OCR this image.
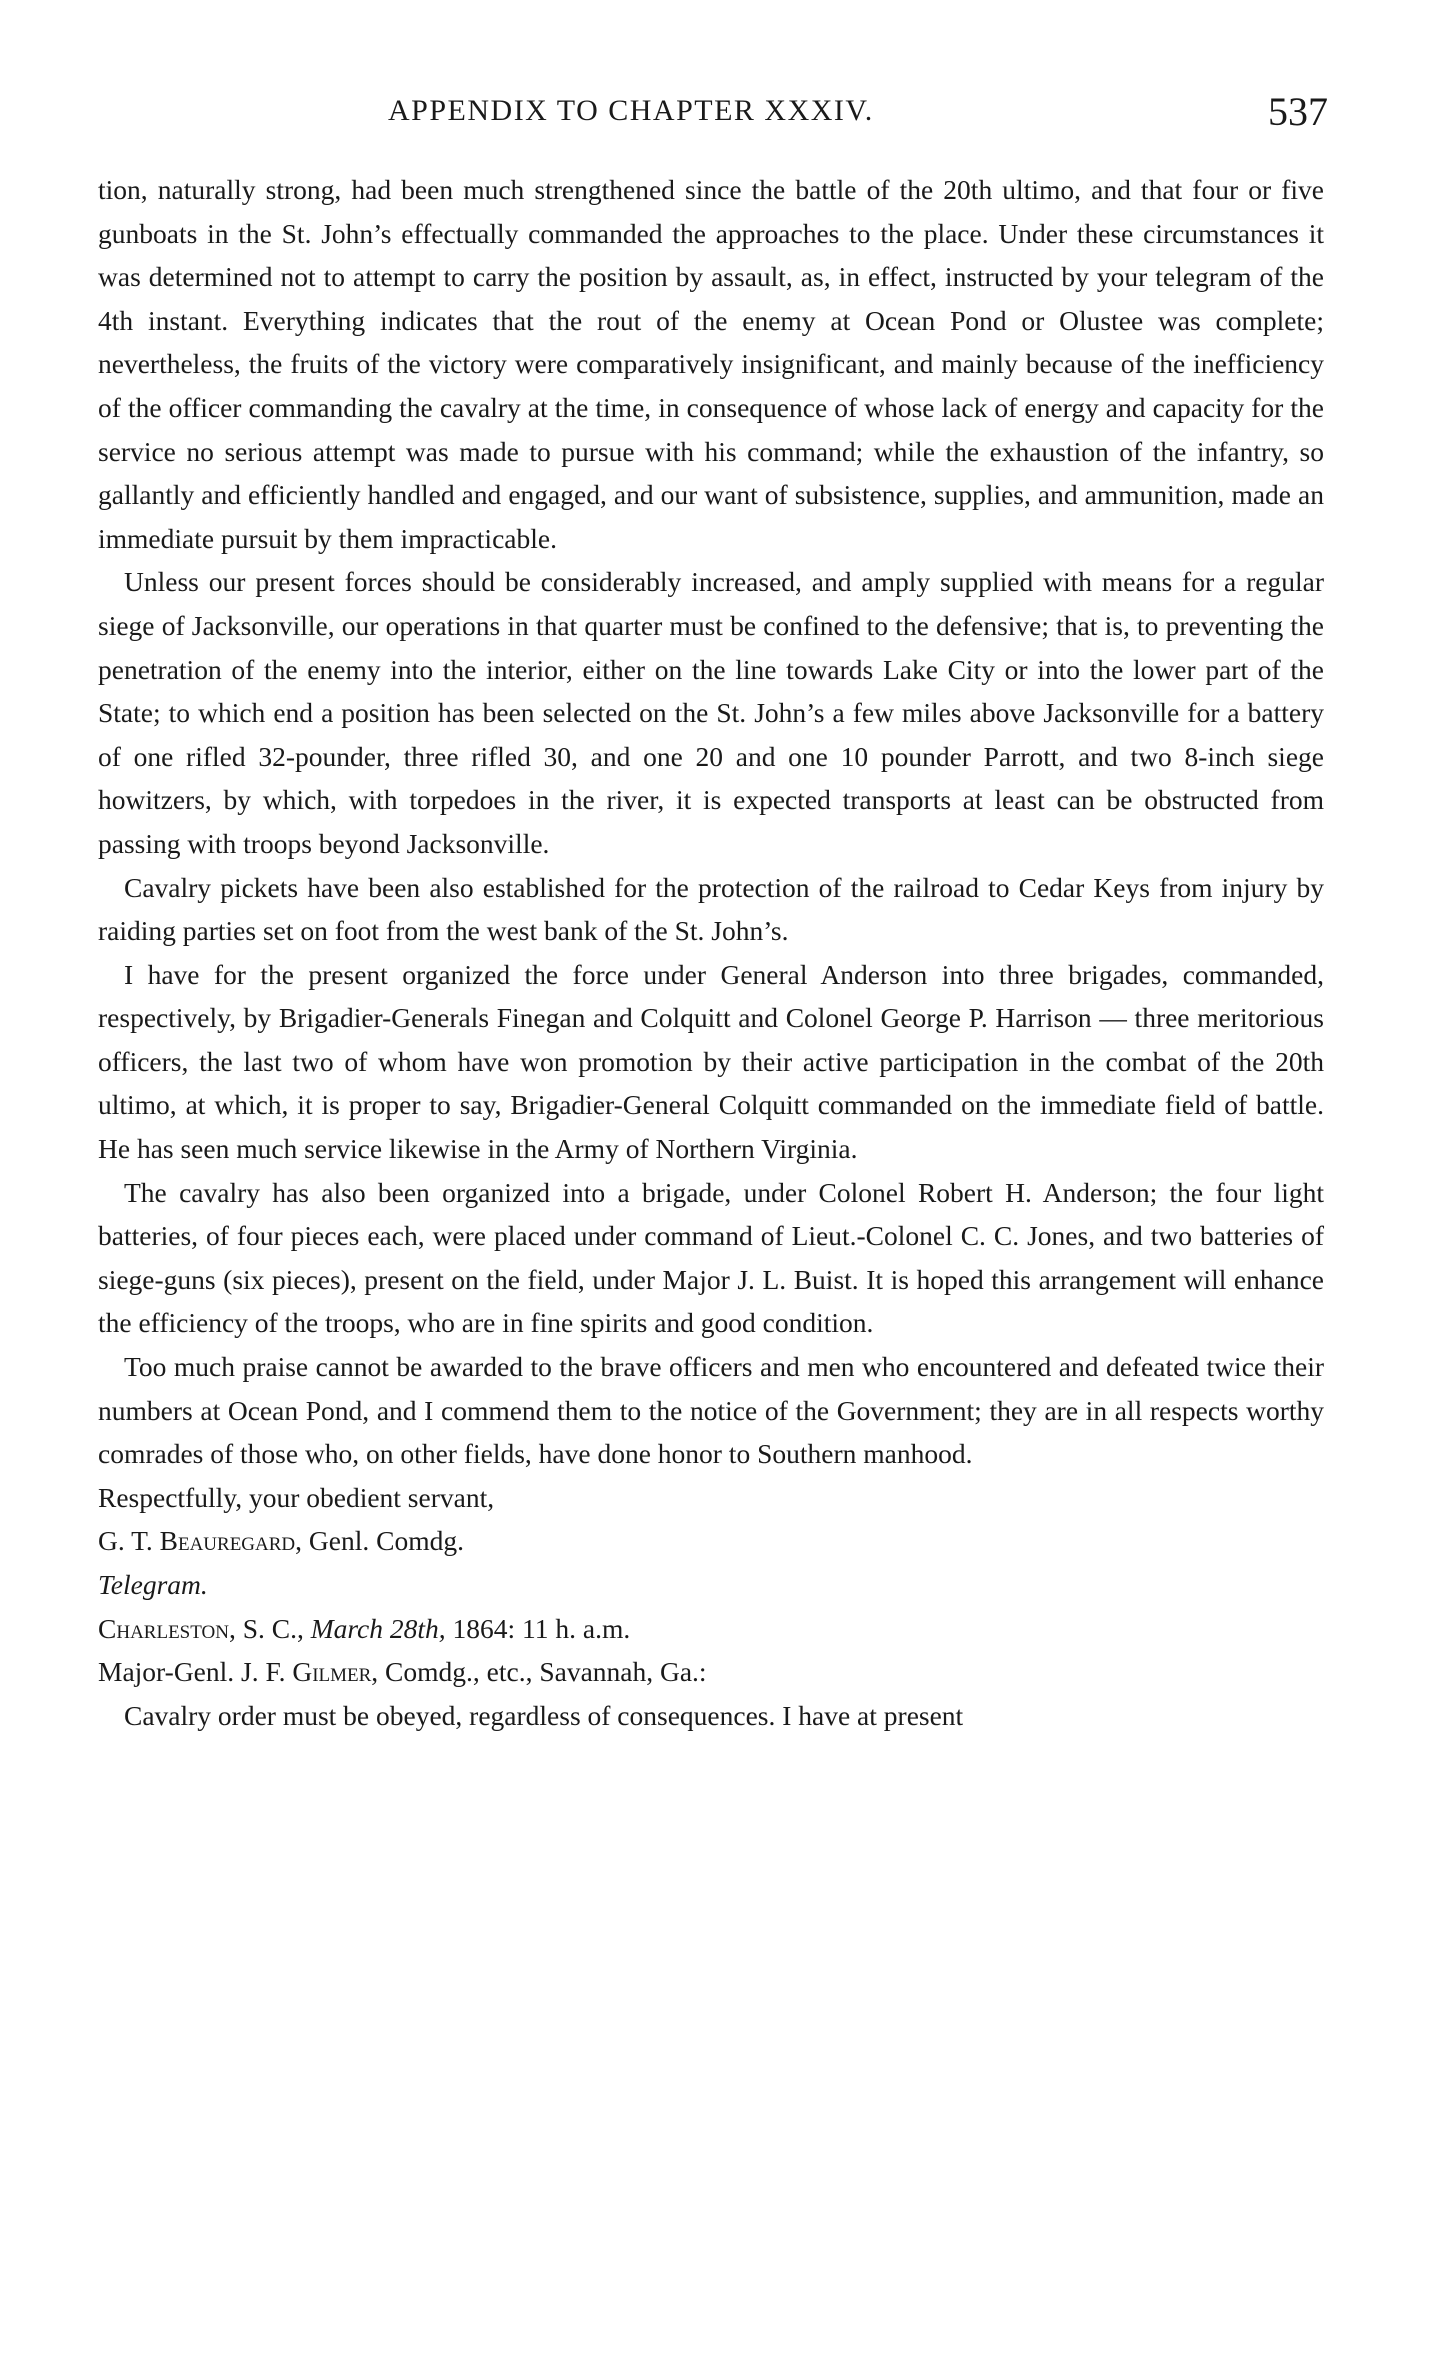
APPENDIX TO CHAPTER XXXIV.	537

tion, naturally strong, had been much strengthened since the battle of the 20th ultimo, and that four or five gunboats in the St. John’s effectually commanded the approaches to the place. Under these circumstances it was determined not to attempt to carry the position by assault, as, in effect, instructed by your telegram of the 4th instant. Everything indicates that the rout of the enemy at Ocean Pond or Olustee was complete; nevertheless, the fruits of the victory were comparatively insignificant, and mainly because of the inefficiency of the officer commanding the cavalry at the time, in consequence of whose lack of energy and capacity for the service no serious attempt was made to pursue with his command; while the exhaustion of the infantry, so gallantly and efficiently handled and engaged, and our want of subsistence, supplies, and ammunition, made an immediate pursuit by them impracticable.

Unless our present forces should be considerably increased, and amply supplied with means for a regular siege of Jacksonville, our operations in that quarter must be confined to the defensive; that is, to preventing the penetration of the enemy into the interior, either on the line towards Lake City or into the lower part of the State; to which end a position has been selected on the St. John’s a few miles above Jacksonville for a battery of one rifled 32-pounder, three rifled 30, and one 20 and one 10 pounder Parrott, and two 8-inch siege howitzers, by which, with torpedoes in the river, it is expected transports at least can be obstructed from passing with troops beyond Jacksonville.

Cavalry pickets have been also established for the protection of the railroad to Cedar Keys from injury by raiding parties set on foot from the west bank of the St. John’s.

I have for the present organized the force under General Anderson into three brigades, commanded, respectively, by Brigadier-Generals Finegan and Colquitt and Colonel George P. Harrison — three meritorious officers, the last two of whom have won promotion by their active participation in the combat of the 20th ultimo, at which, it is proper to say, Brigadier-General Colquitt commanded on the immediate field of battle. He has seen much service likewise in the Army of Northern Virginia.

The cavalry has also been organized into a brigade, under Colonel Robert H. Anderson; the four light batteries, of four pieces each, were placed under command of Lieut.-Colonel C. C. Jones, and two batteries of siege-guns (six pieces), present on the field, under Major J. L. Buist. It is hoped this arrangement will enhance the efficiency of the troops, who are in fine spirits and good condition.

Too much praise cannot be awarded to the brave officers and men who encountered and defeated twice their numbers at Ocean Pond, and I commend them to the notice of the Government; they are in all respects worthy comrades of those who, on other fields, have done honor to Southern manhood.

Respectfully, your obedient servant,

G. T. Beauregard, Genl. Comdg.

Telegram.

Charleston, S. C., March 28th, 1864: 11 h. a.m.

Major-Genl. J. F. Gilmer, Comdg., etc., Savannah, Ga.:

Cavalry order must be obeyed, regardless of consequences. I have at present
